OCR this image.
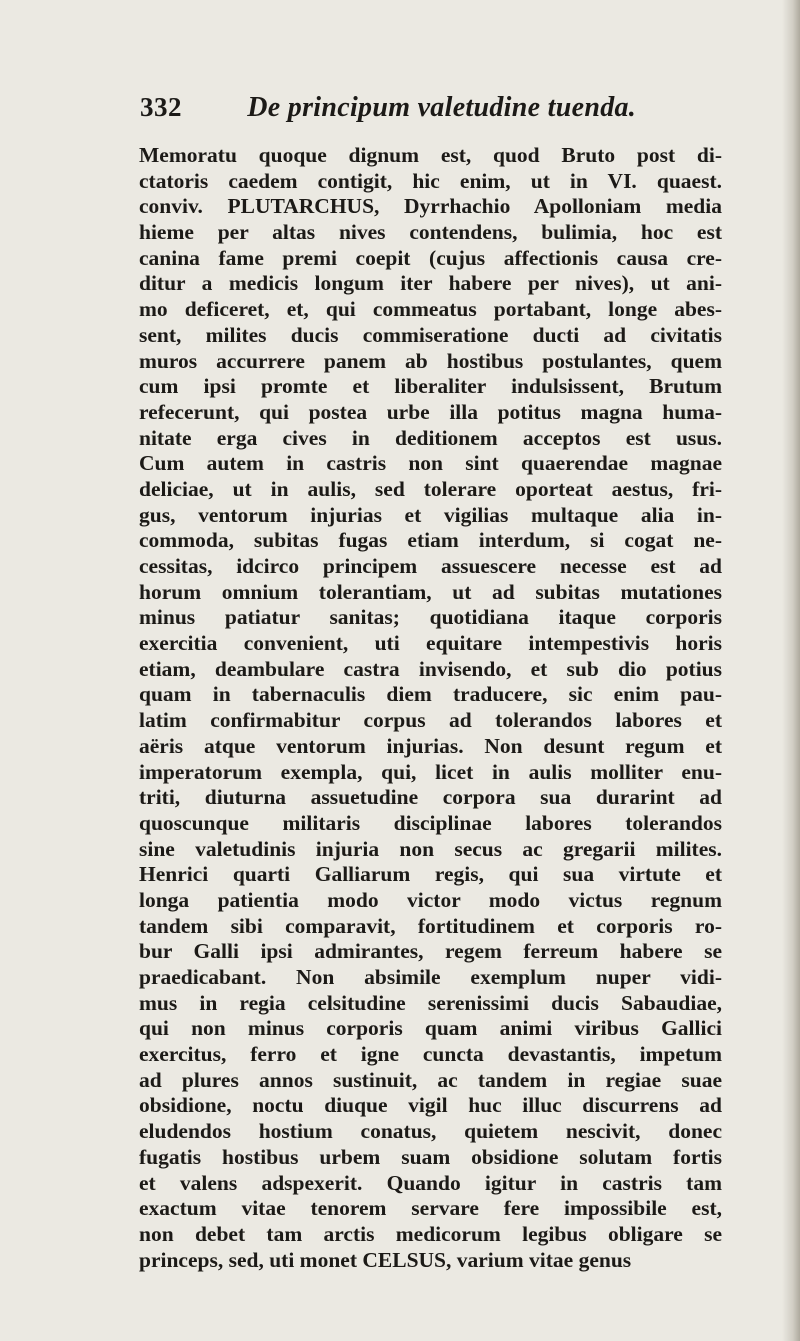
332 De principum valetudine tuenda.
Memoratu quoque dignum est, quod Bruto post di-
ctatoris caedem contigit, hic enim, ut in VI. quaest.
conviv. PLUTARCHUS, Dyrrhachio Apolloniam media
hieme per altas nives contendens, bulimia, hoc est
canina fame premi coepit (cujus affectionis causa cre-
ditur a medicis longum iter habere per nives), ut ani-
mo deficeret, et, qui commeatus portabant, longe abes-
sent, milites ducis commiseratione ducti ad civitatis
muros accurrere panem ab hostibus postulantes, quem
cum ipsi promte et liberaliter indulsissent, Brutum
refecerunt, qui postea urbe illa potitus magna huma-
nitate erga cives in deditionem acceptos est usus.
Cum autem in castris non sint quaerendae magnae
deliciae, ut in aulis, sed tolerare oporteat aestus, fri-
gus, ventorum injurias et vigilias multaque alia in-
commoda, subitas fugas etiam interdum, si cogat ne-
cessitas, idcirco principem assuescere necesse est ad
horum omnium tolerantiam, ut ad subitas mutationes
minus patiatur sanitas; quotidiana itaque corporis
exercitia convenient, uti equitare intempestivis horis
etiam, deambulare castra invisendo, et sub dio potius
quam in tabernaculis diem traducere, sic enim pau-
latim confirmabitur corpus ad tolerandos labores et
aëris atque ventorum injurias. Non desunt regum et
imperatorum exempla, qui, licet in aulis molliter enu-
triti, diuturna assuetudine corpora sua durarint ad
quoscunque militaris disciplinae labores tolerandos
sine valetudinis injuria non secus ac gregarii milites.
Henrici quarti Galliarum regis, qui sua virtute et
longa patientia modo victor modo victus regnum
tandem sibi comparavit, fortitudinem et corporis ro-
bur Galli ipsi admirantes, regem ferreum habere se
praedicabant. Non absimile exemplum nuper vidi-
mus in regia celsitudine serenissimi ducis Sabaudiae,
qui non minus corporis quam animi viribus Gallici
exercitus, ferro et igne cuncta devastantis, impetum
ad plures annos sustinuit, ac tandem in regiae suae
obsidione, noctu diuque vigil huc illuc discurrens ad
eludendos hostium conatus, quietem nescivit, donec
fugatis hostibus urbem suam obsidione solutam fortis
et valens adspexerit. Quando igitur in castris tam
exactum vitae tenorem servare fere impossibile est,
non debet tam arctis medicorum legibus obligare se
princeps, sed, uti monet CELSUS, varium vitae genus
